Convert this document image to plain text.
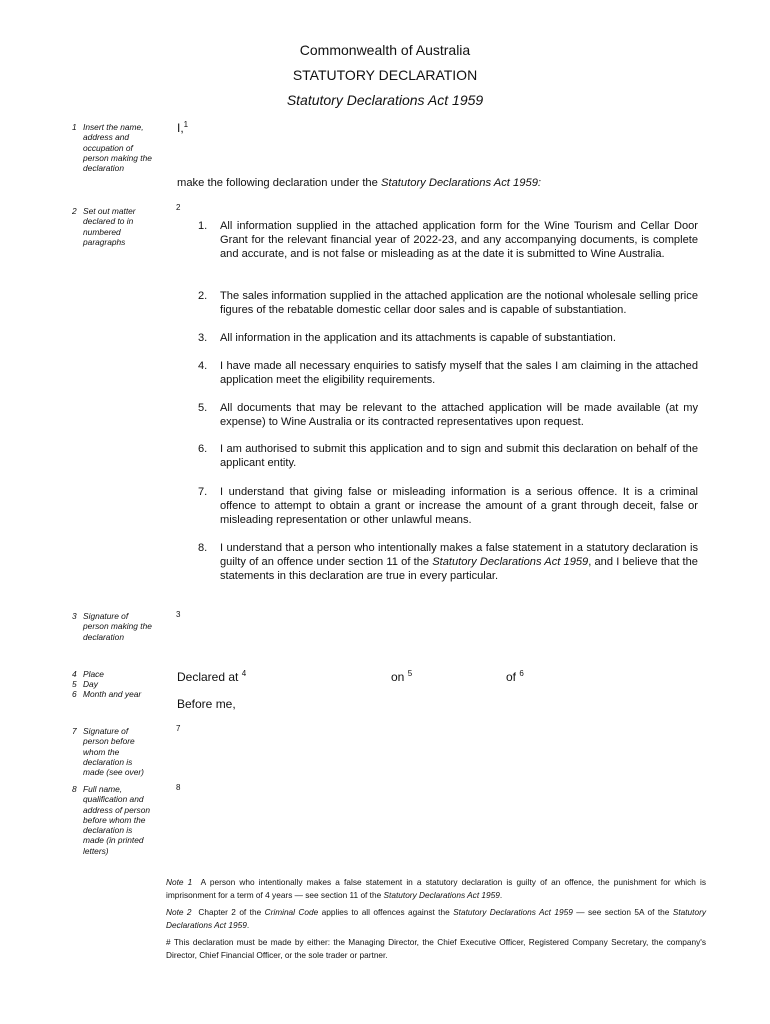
Commonwealth of Australia
STATUTORY DECLARATION
Statutory Declarations Act 1959
1 Insert the name, address and occupation of person making the declaration
2 Set out matter declared to in numbered paragraphs
3 Signature of person making the declaration
4 Place
5 Day
6 Month and year
7 Signature of person before whom the declaration is made (see over)
8 Full name, qualification and address of person before whom the declaration is made (in printed letters)
I,$^1$
make the following declaration under the Statutory Declarations Act 1959:
2
1.	All information supplied in the attached application form for the Wine Tourism and Cellar Door Grant for the relevant financial year of 2022-23, and any accompanying documents, is complete and accurate, and is not false or misleading as at the date it is submitted to Wine Australia.
2.	The sales information supplied in the attached application are the notional wholesale selling price figures of the rebatable domestic cellar door sales and is capable of substantiation.
3.	All information in the application and its attachments is capable of substantiation.
4.	I have made all necessary enquiries to satisfy myself that the sales I am claiming in the attached application meet the eligibility requirements.
5.	All documents that may be relevant to the attached application will be made available (at my expense) to Wine Australia or its contracted representatives upon request.
6.	I am authorised to submit this application and to sign and submit this declaration on behalf of the applicant entity.
7.	I understand that giving false or misleading information is a serious offence. It is a criminal offence to attempt to obtain a grant or increase the amount of a grant through deceit, false or misleading representation or other unlawful means.
8.	I understand that a person who intentionally makes a false statement in a statutory declaration is guilty of an offence under section 11 of the Statutory Declarations Act 1959, and I believe that the statements in this declaration are true in every particular.
3
Declared at $^4$	on $^5$	of $^6$
Before me,
7
8
Note 1 A person who intentionally makes a false statement in a statutory declaration is guilty of an offence, the punishment for which is imprisonment for a term of 4 years — see section 11 of the Statutory Declarations Act 1959.
Note 2 Chapter 2 of the Criminal Code applies to all offences against the Statutory Declarations Act 1959 — see section 5A of the Statutory Declarations Act 1959.
# This declaration must be made by either: the Managing Director, the Chief Executive Officer, Registered Company Secretary, the company's Director, Chief Financial Officer, or the sole trader or partner.
